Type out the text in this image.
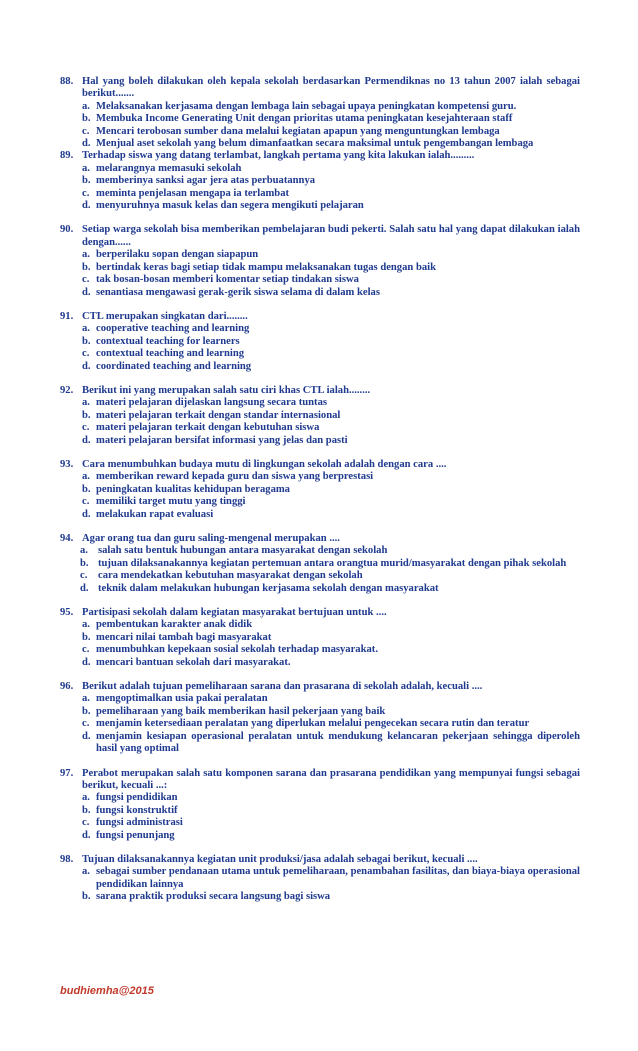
88. Hal yang boleh dilakukan oleh kepala sekolah berdasarkan Permendiknas no 13 tahun 2007 ialah sebagai berikut.......
a. Melaksanakan kerjasama dengan lembaga lain sebagai upaya peningkatan kompetensi guru.
b. Membuka Income Generating Unit dengan prioritas utama peningkatan kesejahteraan staff
c. Mencari terobosan sumber dana melalui kegiatan apapun yang menguntungkan lembaga
d. Menjual aset sekolah yang belum dimanfaatkan secara maksimal untuk pengembangan lembaga
89. Terhadap siswa yang datang terlambat, langkah pertama yang kita lakukan ialah.........
a. melarangnya memasuki sekolah
b. memberinya sanksi agar jera atas perbuatannya
c. meminta penjelasan mengapa ia terlambat
d. menyuruhnya masuk kelas dan segera mengikuti pelajaran
90. Setiap warga sekolah bisa memberikan pembelajaran budi pekerti. Salah satu hal yang dapat dilakukan ialah dengan......
a. berperilaku sopan dengan siapapun
b. bertindak keras bagi setiap tidak mampu melaksanakan tugas dengan baik
c. tak bosan-bosan memberi komentar setiap tindakan siswa
d. senantiasa mengawasi gerak-gerik siswa selama di dalam kelas
91. CTL merupakan singkatan dari........
a. cooperative teaching and learning
b. contextual teaching for learners
c. contextual teaching and learning
d. coordinated teaching and learning
92. Berikut ini yang merupakan salah satu ciri khas CTL ialah........
a. materi pelajaran dijelaskan langsung secara tuntas
b. materi pelajaran terkait dengan standar internasional
c. materi pelajaran terkait dengan kebutuhan siswa
d. materi pelajaran bersifat informasi yang jelas dan pasti
93. Cara menumbuhkan budaya mutu di lingkungan sekolah adalah dengan cara ....
a. memberikan reward kepada guru dan siswa yang berprestasi
b. peningkatan kualitas kehidupan beragama
c. memiliki target mutu yang tinggi
d. melakukan rapat evaluasi
94. Agar orang tua dan guru saling-mengenal merupakan ....
a. salah satu bentuk hubungan antara masyarakat dengan sekolah
b. tujuan dilaksanakannya kegiatan pertemuan antara orangtua murid/masyarakat dengan pihak sekolah
c. cara mendekatkan kebutuhan masyarakat dengan sekolah
d. teknik dalam melakukan hubungan kerjasama sekolah dengan masyarakat
95. Partisipasi sekolah dalam kegiatan masyarakat bertujuan untuk ....
a. pembentukan karakter anak didik
b. mencari nilai tambah bagi masyarakat
c. menumbuhkan kepekaan sosial sekolah terhadap masyarakat.
d. mencari bantuan sekolah dari masyarakat.
96. Berikut adalah tujuan pemeliharaan sarana dan prasarana di sekolah adalah, kecuali ....
a. mengoptimalkan usia pakai peralatan
b. pemeliharaan yang baik memberikan hasil pekerjaan yang baik
c. menjamin ketersediaan peralatan yang diperlukan melalui pengecekan secara rutin dan teratur
d. menjamin kesiapan operasional peralatan untuk mendukung kelancaran pekerjaan sehingga diperoleh hasil yang optimal
97. Perabot merupakan salah satu komponen sarana dan prasarana pendidikan yang mempunyai fungsi sebagai berikut, kecuali ...:
a. fungsi pendidikan
b. fungsi konstruktif
c. fungsi administrasi
d. fungsi penunjang
98. Tujuan dilaksanakannya kegiatan unit produksi/jasa adalah sebagai berikut, kecuali ....
a. sebagai sumber pendanaan utama untuk pemeliharaan, penambahan fasilitas, dan biaya-biaya operasional pendidikan lainnya
b. sarana praktik produksi secara langsung bagi siswa
budhiemha@2015
